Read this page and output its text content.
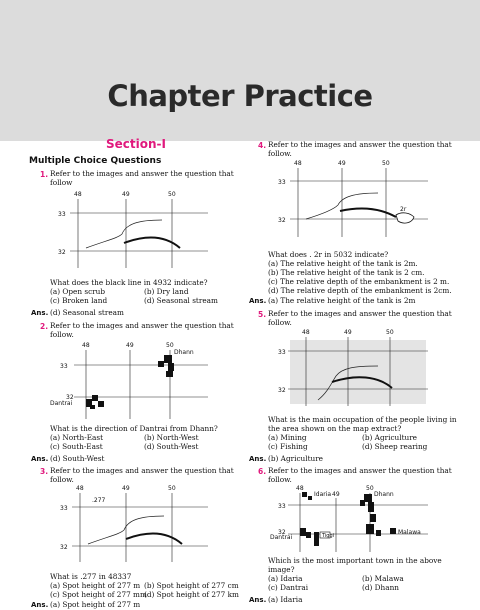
Chapter Practice
Section-I
Multiple Choice Questions
1. Refer to the images and answer the question that
follow
48	49	50
33
32
What does the black line in 4932 indicate?
(a) Open scrub	(b) Dry land
(c) Broken land	(d) Seasonal stream
Ans. (d) Seasonal stream
2. Refer to the images and answer the question that
follow.
48	49	50
33
32
Dhann
Dantrai
What is the direction of Dantrai from Dhann?
(a) North-East	(b) North-West
(c) South-East	(d) South-West
Ans. (d) South-West
3. Refer to the images and answer the question that
follow.
48	49	50
33
32
.277
What is .277 in 48337
(a) Spot height of 277 m (b) Spot height of 277 cm
(c) Spot height of 277 mm
(d) Spot height of 277 km
Ans. (a) Spot height of 277 m
4. Refer to the images and answer the question that
follow.
48	49	50
33
32
2r
What does . 2r in 5032 indicate?
(a) The relative height of the tank is 2m.
(b) The relative height of the tank is 2 cm.
(c) The relative depth of the embankment is 2 m.
(d) The relative depth of the embankment is 2cm.
Ans. (a) The relative height of the tank is 2m
5. Refer to the images and answer the question that
follow.
48	49	50
33
32
What is the main occupation of the people living in
the area shown on the map extract?
(a) Mining	(b) Agriculture
(c) Fishing	(d) Sheep rearing
Ans. (b) Agriculture
6. Refer to the images and answer the question that
follow.
48
49
50
33
32
Idaria	Dhann
Dantrai	Tiggi	Malawa
Which is the most important town in the above
image?
(a) Idaria	(b) Malawa
(c) Dantrai	(d) Dhann
Ans. (a) Idaria
